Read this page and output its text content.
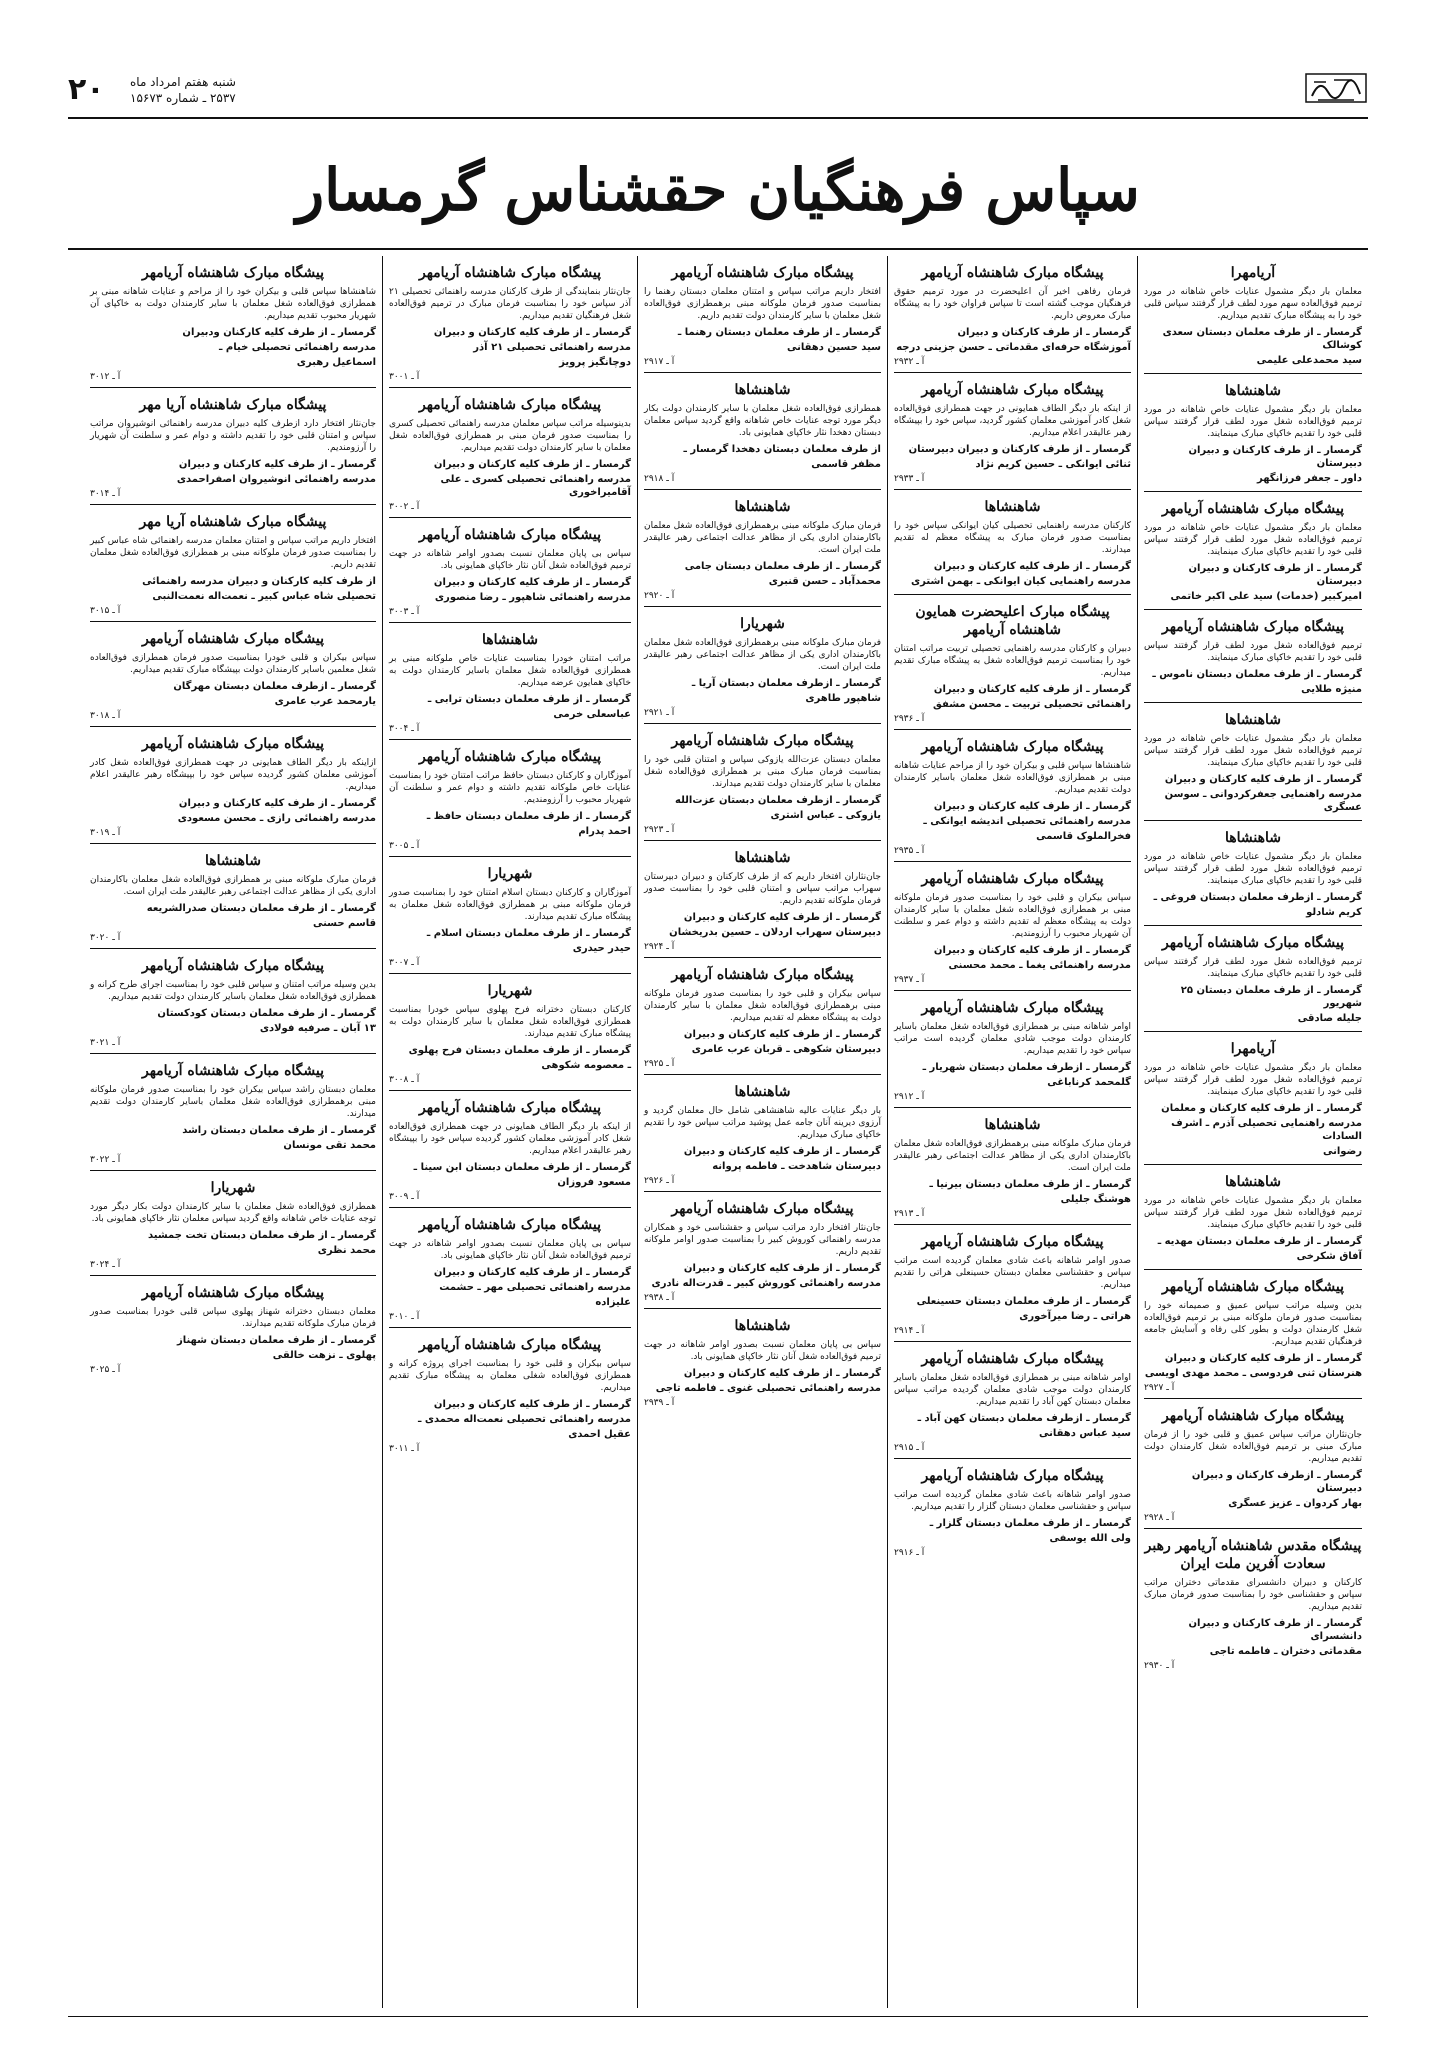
۲۰ شنبه هفتم امرداد ماه
۲۵۳۷ ـ شماره ۱۵۶۷۳
سپاس فرهنگیان حقشناس گرمسار
آریامهرا

معلمان بار دیگر مشمول عنایات خاص شاهانه در مورد ترمیم فوق‌العاده سهم مورد لطف قرار گرفتند سپاس قلبی خود را به پیشگاه مبارک تقدیم میداریم.

گرمسار ـ از طرف معلمان دبستان سعدی کوشالک
سید محمدعلی علیمی
شاهنشاها

معلمان بار دیگر مشمول عنایات خاص شاهانه در مورد ترمیم فوق‌العاده شغل مورد لطف قرار گرفتند سپاس قلبی خود را تقدیم خاکپای مبارک مینمایند.

گرمسار ـ از طرف کارکنان و دبیران دبیرستان
داور ـ جعفر فرزانگهر
پیشگاه مبارک شاهنشاه آریامهر

معلمان بار دیگر مشمول عنایات خاص شاهانه در مورد ترمیم فوق‌العاده شغل مورد لطف قرار گرفتند سپاس قلبی خود را تقدیم خاکپای مبارک مینمایند.

گرمسار ـ از طرف کارکنان و دبیران دبیرستان
امیرکبیر (خدمات) سید علی اکبر خاتمی
پیشگاه مبارک شاهنشاه آریامهر

ترمیم فوق‌العاده شغل مورد لطف قرار گرفتند سپاس قلبی خود را تقدیم خاکپای مبارک مینمایند.

گرمسار ـ از طرف معلمان دبستان ناموس ـ
منیژه طلایی
شاهنشاها

معلمان بار دیگر مشمول عنایات خاص شاهانه در مورد ترمیم فوق‌العاده شغل مورد لطف قرار گرفتند سپاس قلبی خود را تقدیم خاکپای مبارک مینمایند.

گرمسار ـ از طرف کلیه کارکنان و دبیران
مدرسه راهنمایی جعفرکردوانی ـ سوسن عسگری
شاهنشاها

معلمان بار دیگر مشمول عنایات خاص شاهانه در مورد ترمیم فوق‌العاده شغل مورد لطف قرار گرفتند سپاس قلبی خود را تقدیم خاکپای مبارک مینمایند.

گرمسار ـ ازطرف معلمان دبستان فروغی ـ
کریم شادلو
پیشگاه مبارک شاهنشاه آریامهر

ترمیم فوق‌العاده شغل مورد لطف قرار گرفتند سپاس قلبی خود را تقدیم خاکپای مبارک مینمایند.

گرمسار ـ از طرف معلمان دبستان ۲۵ شهریور
جلیله صادقی
آریامهرا

معلمان بار دیگر مشمول عنایات خاص شاهانه در مورد ترمیم فوق‌العاده شغل مورد لطف قرار گرفتند سپاس قلبی خود را تقدیم خاکپای مبارک مینمایند.

گرمسار ـ از طرف کلیه کارکنان و معلمان
مدرسه راهنمایی تحصیلی آذرم ـ اشرف السادات
رضوانی
شاهنشاها

معلمان بار دیگر مشمول عنایات خاص شاهانه در مورد ترمیم فوق‌العاده شغل مورد لطف قرار گرفتند سپاس قلبی خود را تقدیم خاکپای مبارک مینمایند.

گرمسار ـ از طرف معلمان دبستان مهدیه ـ
آفاق شکرخی
پیشگاه مبارک شاهنشاه آریامهر

بدین وسیله مراتب سپاس عمیق و صمیمانه خود را بمناسبت صدور فرمان ملوکانه مبنی بر ترمیم فوق‌العاده شغل کارمندان دولت و بطور کلی رفاه و آسایش جامعه فرهنگیان تقدیم میداریم.

گرمسار ـ از طرف کلیه کارکنان و دبیران
هنرستان ثنی فردوسی ـ محمد مهدی اویسی
آ ـ ۲۹۲۷
پیشگاه مبارک شاهنشاه آریامهر

جان‌نثاران مراتب سپاس عمیق و قلبی خود را از فرمان مبارک مبنی بر ترمیم فوق‌العاده شغل کارمندان دولت تقدیم میداریم.

گرمسار ـ ازطرف کارکنان و دبیران دبیرستان
بهار کردوان ـ عزیز عسگری
آ ـ ۲۹۲۸
پیشگاه مقدس شاهنشاه آریامهر رهبر سعادت آفرین ملت ایران

کارکنان و دبیران دانشسرای مقدماتی دختران مراتب سپاس و حقشناسی خود را بمناسبت صدور فرمان مبارک تقدیم میداریم.

گرمسار ـ از طرف کارکنان و دبیران دانشسرای
مقدماتی دختران ـ فاطمه تاجی
آ ـ ۲۹۳۰
پیشگاه مبارک شاهنشاه آریامهر

فرمان رفاهی اخیر آن اعلیحضرت در مورد ترمیم حقوق فرهنگیان موجب گشته است تا سپاس فراوان خود را به پیشگاه مبارک معروض داریم.

گرمسار ـ از طرف کارکنان و دبیران
آموزشگاه حرفه‌ای مقدماتی ـ حسن جزینی درجه
آ ـ ۲۹۳۲
پیشگاه مبارک شاهنشاه آریامهر

از اینکه بار دیگر الطاف همایونی در جهت همطرازی فوق‌العاده شغل کادر آموزشی معلمان کشور گردید، سپاس خود را بپیشگاه رهبر عالیقدر اعلام میداریم.

گرمسار ـ از طرف کارکنان و دبیران دبیرستان
ثنائی ایوانکی ـ حسین کریم نژاد
آ ـ ۲۹۳۳
شاهنشاها

کارکنان مدرسه راهنمایی تحصیلی کیان ایوانکی سپاس خود را بمناسبت صدور فرمان مبارک به پیشگاه معظم له تقدیم میدارند.

گرمسار ـ از طرف کلیه کارکنان و دبیران
مدرسه راهنمایی کیان ایوانکی ـ بهمن اشتری
پیشگاه مبارک اعلیحضرت همایون شاهنشاه آریامهر

دبیران و کارکنان مدرسه راهنمایی تحصیلی تربیت مراتب امتنان خود را بمناسبت ترمیم فوق‌العاده شغل به پیشگاه مبارک تقدیم میداریم.

گرمسار ـ از طرف کلیه کارکنان و دبیران
راهنمائی تحصیلی تربیت ـ محسن مشفق
آ ـ ۲۹۳۶
پیشگاه مبارک شاهنشاه آریامهر

شاهنشاها سپاس قلبی و بیکران خود را از مراحم عنایات شاهانه مبنی بر همطرازی فوق‌العاده شغل معلمان باسایر کارمندان دولت تقدیم میداریم.

گرمسار ـ از طرف کلیه کارکنان و دبیران
مدرسه راهنمائی تحصیلی اندیشه ایوانکی ـ
فخرالملوک قاسمی
آ ـ ۲۹۳۵
پیشگاه مبارک شاهنشاه آریامهر

سپاس بیکران و قلبی خود را بمناسبت صدور فرمان ملوکانه مبنی بر همطرازی فوق‌العاده شغل معلمان با سایر کارمندان دولت به پیشگاه معظم له تقدیم داشته و دوام عمر و سلطنت آن شهریار محبوب را آرزومندیم.

گرمسار ـ از طرف کلیه کارکنان و دبیران
مدرسه راهنمائی یغما ـ محمد محسنی
آ ـ ۲۹۳۷
پیشگاه مبارک شاهنشاه آریامهر

اوامر شاهانه مبنی بر همطرازی فوق‌العاده شغل معلمان باسایر کارمندان دولت موجب شادی معلمان گردیده است مراتب سپاس خود را تقدیم میداریم.

گرمسار ـ ازطرف معلمان دبستان شهریار ـ
گلمحمد کرناباغی
آ ـ ۲۹۱۲
شاهنشاها

فرمان مبارک ملوکانه مبنی برهمطرازی فوق‌العاده شغل معلمان باکارمندان اداری یکی از مظاهر عدالت اجتماعی رهبر عالیقدر ملت ایران است.

گرمسار ـ از طرف معلمان دبستان بیرنیا ـ
هوشنگ جلیلی
آ ـ ۲۹۱۳
پیشگاه مبارک شاهنشاه آریامهر

صدور اوامر شاهانه باعث شادی معلمان گردیده است مراتب سپاس و حقشناسی معلمان دبستان حسینعلی هراتی را تقدیم میداریم.

گرمسار ـ از طرف معلمان دبستان حسینعلی
هراتی ـ رضا میرآخوری
آ ـ ۲۹۱۴
پیشگاه مبارک شاهنشاه آریامهر

اوامر شاهانه مبنی بر همطرازی فوق‌العاده شغل معلمان باسایر کارمندان دولت موجب شادی معلمان گردیده مراتب سپاس معلمان دبستان کهن آباد را تقدیم میداریم.

گرمسار ـ ازطرف معلمان دبستان کهن آباد ـ
سید عباس دهقانی
آ ـ ۲۹۱۵
پیشگاه مبارک شاهنشاه آریامهر

صدور اوامر شاهانه باعث شادی معلمان گردیده است مراتب سپاس و حقشناسی معلمان دبستان گلزار را تقدیم میداریم.

گرمسار ـ از طرف معلمان دبستان گلزار ـ
ولی الله یوسفی
آ ـ ۲۹۱۶
پیشگاه مبارک شاهنشاه آریامهر

افتخار داریم مراتب سپاس و امتنان معلمان دبستان رهنما را بمناسبت صدور فرمان ملوکانه مبنی برهمطرازی فوق‌العاده شغل معلمان با سایر کارمندان دولت تقدیم داریم.

گرمسار ـ از طرف معلمان دبستان رهنما ـ
سید حسین دهقانی
آ ـ ۲۹۱۷
شاهنشاها

همطرازی فوق‌العاده شغل معلمان با سایر کارمندان دولت بکار دیگر مورد توجه عنایات خاص شاهانه واقع گردید سپاس معلمان دبستان دهخدا نثار خاکپای همایونی باد.

از طرف معلمان دبستان دهخدا گرمسار ـ
مظفر قاسمی
آ ـ ۲۹۱۸
شاهنشاها

فرمان مبارک ملوکانه مبنی برهمطرازی فوق‌العاده شغل معلمان باکارمندان اداری یکی از مظاهر عدالت اجتماعی رهبر عالیقدر ملت ایران است.

گرمسار ـ از طرف معلمان دبستان جامی
محمدآباد ـ حسن قنبری
آ ـ ۲۹۲۰
شهریارا

فرمان مبارک ملوکانه مبنی برهمطرازی فوق‌العاده شغل معلمان باکارمندان اداری یکی از مظاهر عدالت اجتماعی رهبر عالیقدر ملت ایران است.

گرمسار ـ ازطرف معلمان دبستان آریا ـ
شاهپور طاهری
آ ـ ۲۹۲۱
پیشگاه مبارک شاهنشاه آریامهر

معلمان دبستان عزت‌الله یازوکی سپاس و امتنان قلبی خود را بمناسبت فرمان مبارک مبنی بر همطرازی فوق‌العاده شغل معلمان با سایر کارمندان دولت تقدیم میدارند.

گرمسار ـ ازطرف معلمان دبستان عزت‌الله
یازوکی ـ عباس اشتری
آ ـ ۲۹۲۳
شاهنشاها

جان‌نثاران افتخار داریم که از طرف کارکنان و دبیران دبیرستان سهراب مراتب سپاس و امتنان قلبی خود را بمناسبت صدور فرمان ملوکانه تقدیم داریم.

گرمسار ـ از طرف کلیه کارکنان و دبیران
دبیرستان سهراب اردلان ـ حسین بدریخشان
آ ـ ۲۹۲۴
پیشگاه مبارک شاهنشاه آریامهر

سپاس بیکران و قلبی خود را بمناسبت صدور فرمان ملوکانه مبنی برهمطرازی فوق‌العاده شغل معلمان با سایر کارمندان دولت به پیشگاه معظم له تقدیم میداریم.

گرمسار ـ از طرف کلیه کارکنان و دبیران
دبیرستان شکوهی ـ قربان عرب عامری
آ ـ ۲۹۲۵
شاهنشاها

بار دیگر عنایات عالیه شاهنشاهی شامل حال معلمان گردید و آرزوی دیرینه آنان جامه عمل پوشید مراتب سپاس خود را تقدیم خاکپای مبارک میداریم.

گرمسار ـ از طرف کلیه کارکنان و دبیران
دبیرستان شاهدخت ـ فاطمه پروانه
آ ـ ۲۹۲۶
پیشگاه مبارک شاهنشاه آریامهر

جان‌نثار افتخار دارد مراتب سپاس و حقشناسی خود و همکاران مدرسه راهنمائی کوروش کبیر را بمناسبت صدور اوامر ملوکانه تقدیم داریم.

گرمسار ـ از طرف کلیه کارکنان و دبیران
مدرسه راهنمائی کوروش کبیر ـ قدرت‌اله نادری
آ ـ ۲۹۳۸
شاهنشاها

سپاس بی پایان معلمان نسبت بصدور اوامر شاهانه در جهت ترمیم فوق‌العاده شغل آنان نثار خاکپای همایونی باد.

گرمسار ـ از طرف کلیه کارکنان و دبیران
مدرسه راهنمائی تحصیلی غنوی ـ فاطمه تاجی
آ ـ ۲۹۳۹
پیشگاه مبارک شاهنشاه آریامهر

جان‌نثار بنمایندگی از طرف کارکنان مدرسه راهنمائی تحصیلی ۲۱ آذر سپاس خود را بمناسبت فرمان مبارک در ترمیم فوق‌العاده شغل فرهنگیان تقدیم میداریم.

گرمسار ـ از طرف کلیه کارکنان و دبیران
مدرسه راهنمائی تحصیلی ۲۱ آذر
دوچانگیز پرویز
آ ـ ۳۰۰۱
پیشگاه مبارک شاهنشاه آریامهر

بدینوسیله مراتب سپاس معلمان مدرسه راهنمائی تحصیلی کسری را بمناسبت صدور فرمان مبنی بر همطرازی فوق‌العاده شغل معلمان با سایر کارمندان دولت تقدیم میداریم.

گرمسار ـ از طرف کلیه کارکنان و دبیران
مدرسه راهنمائی تحصیلی کسری ـ علی آقامیراخوری
آ ـ ۳۰۰۲
پیشگاه مبارک شاهنشاه آریامهر

سپاس بی پایان معلمان نسبت بصدور اوامر شاهانه در جهت ترمیم فوق‌العاده شغل آنان نثار خاکپای همایونی باد.

گرمسار ـ از طرف کلیه کارکنان و دبیران
مدرسه راهنمائی شاهپور ـ رضا منصوری
آ ـ ۳۰۰۳
شاهنشاها

مراتب امتنان خودرا بمناسبت عنایات خاص ملوکانه مبنی بر همطرازی فوق‌العاده شغل معلمان باسایر کارمندان دولت به خاکپای همایون عرضه میداریم.

گرمسار ـ از طرف معلمان دبستان ترابی ـ
عباسعلی خرمی
آ ـ ۳۰۰۴
پیشگاه مبارک شاهنشاه آریامهر

آموزگاران و کارکنان دبستان حافظ مراتب امتنان خود را بمناسبت عنایات خاص ملوکانه تقدیم داشته و دوام عمر و سلطنت آن شهریار محبوب را آرزومندیم.

گرمسار ـ از طرف معلمان دبستان حافظ ـ
احمد پدرام
آ ـ ۳۰۰۵
شهریارا

آموزگاران و کارکنان دبستان اسلام امتنان خود را بمناسبت صدور فرمان ملوکانه مبنی بر همطرازی فوق‌العاده شغل معلمان به پیشگاه مبارک تقدیم میدارند.

گرمسار ـ از طرف معلمان دبستان اسلام ـ
حیدر حیدری
آ ـ ۳۰۰۷
شهریارا

کارکنان دبستان دخترانه فرح پهلوی سپاس خودرا بمناسبت همطرازی فوق‌العاده شغل معلمان با سایر کارمندان دولت به پیشگاه مبارک تقدیم میدارند.

گرمسار ـ از طرف معلمان دبستان فرح پهلوی
ـ معصومه شکوهی
آ ـ ۳۰۰۸
پیشگاه مبارک شاهنشاه آریامهر

از اینکه بار دیگر الطاف همایونی در جهت همطرازی فوق‌العاده شغل کادر آموزشی معلمان کشور گردیده سپاس خود را بپیشگاه رهبر عالیقدر اعلام میداریم.

گرمسار ـ از طرف معلمان دبستان ابن سینا ـ
مسعود فروزان
آ ـ ۳۰۰۹
پیشگاه مبارک شاهنشاه آریامهر

سپاس بی پایان معلمان نسبت بصدور اوامر شاهانه در جهت ترمیم فوق‌العاده شغل آنان نثار خاکپای همایونی باد.

گرمسار ـ از طرف کلیه کارکنان و دبیران
مدرسه راهنمائی تحصیلی مهر ـ حشمت
علیزاده
آ ـ ۳۰۱۰
پیشگاه مبارک شاهنشاه آریامهر

سپاس بیکران و قلبی خود را بمناسبت اجرای پروژه کرانه و همطرازی فوق‌العاده شغلی معلمان به پیشگاه مبارک تقدیم میداریم.

گرمسار ـ از طرف کلیه کارکنان و دبیران
مدرسه راهنمائی تحصیلی نعمت‌اله محمدی ـ
عقیل احمدی
آ ـ ۳۰۱۱
پیشگاه مبارک شاهنشاه آریامهر

شاهنشاها سپاس قلبی و بیکران خود را از مراحم و عنایات شاهانه مبنی بر همطرازی فوق‌العاده شغل معلمان با سایر کارمندان دولت به خاکپای آن شهریار محبوب تقدیم میداریم.

گرمسار ـ از طرف کلیه کارکنان ودبیران
مدرسه راهنمائی تحصیلی خیام ـ
اسماعیل رهبری
آ ـ ۳۰۱۲
پیشگاه مبارک شاهنشاه آریا مهر

جان‌نثار افتخار دارد ازطرف کلیه دبیران مدرسه راهنمائی انوشیروان مراتب سپاس و امتنان قلبی خود را تقدیم داشته و دوام عمر و سلطنت آن شهریار را آرزومندیم.

گرمسار ـ از طرف کلیه کارکنان و دبیران
مدرسه راهنمائی انوشیروان اصفراحمدی
آ ـ ۳۰۱۴
پیشگاه مبارک شاهنشاه آریا مهر

افتخار داریم مراتب سپاس و امتنان معلمان مدرسه راهنمائی شاه عباس کبیر را بمناسبت صدور فرمان ملوکانه مبنی بر همطرازی فوق‌العاده شغل معلمان تقدیم داریم.

از طرف کلیه کارکنان و دبیران مدرسه راهنمائی
تحصیلی شاه عباس کبیر ـ نعمت‌اله نعمت‌النبی
آ ـ ۳۰۱۵
پیشگاه مبارک شاهنشاه آریامهر

سپاس بیکران و قلبی خودرا بمناسبت صدور فرمان همطرازی فوق‌العاده شغل معلمین باسایر کارمندان دولت بپیشگاه مبارک تقدیم میداریم.

گرمسار ـ ازطرف معلمان دبستان مهرگان
یارمحمد عرب عامری
آ ـ ۳۰۱۸
پیشگاه مبارک شاهنشاه آریامهر

ازاینکه بار دیگر الطاف همایونی در جهت همطرازی فوق‌العاده شغل کادر آموزشی معلمان کشور گردیده سپاس خود را بپیشگاه رهبر عالیقدر اعلام میداریم.

گرمسار ـ از طرف کلیه کارکنان و دبیران
مدرسه راهنمائی رازی ـ محسن مسعودی
آ ـ ۳۰۱۹
شاهنشاها

فرمان مبارک ملوکانه مبنی بر همطرازی فوق‌العاده شغل معلمان باکارمندان اداری یکی از مظاهر عدالت اجتماعی رهبر عالیقدر ملت ایران است.

گرمسار ـ از طرف معلمان دبستان صدرالشریعه
قاسم حسنی
آ ـ ۳۰۲۰
پیشگاه مبارک شاهنشاه آریامهر

بدین وسیله مراتب امتنان و سپاس قلبی خود را بمناسبت اجرای طرح کرانه و همطرازی فوق‌العاده شغل معلمان باسایر کارمندان دولت تقدیم میداریم.

گرمسار ـ از طرف معلمان دبستان کودکستان
۱۳ آبان ـ صرفیه فولادی
آ ـ ۳۰۲۱
پیشگاه مبارک شاهنشاه آریامهر

معلمان دبستان راشد سپاس بیکران خود را بمناسبت صدور فرمان ملوکانه مبنی برهمطرازی فوق‌العاده شغل معلمان باسایر کارمندان دولت تقدیم میدارند.

گرمسار ـ از طرف معلمان دبستان راشد
محمد تقی مونسان
آ ـ ۳۰۲۲
شهریارا

همطرازی فوق‌العاده شغل معلمان با سایر کارمندان دولت بکار دیگر مورد توجه عنایات خاص شاهانه واقع گردید سپاس معلمان نثار خاکپای همایونی باد.

گرمسار ـ از طرف معلمان دبستان تخت جمشید
محمد نظری
آ ـ ۳۰۲۴
پیشگاه مبارک شاهنشاه آریامهر

معلمان دبستان دخترانه شهناز پهلوی سپاس قلبی خودرا بمناسبت صدور فرمان مبارک ملوکانه تقدیم میدارند.

گرمسار ـ از طرف معلمان دبستان شهناز
پهلوی ـ نزهت خالقی
آ ـ ۳۰۲۵
